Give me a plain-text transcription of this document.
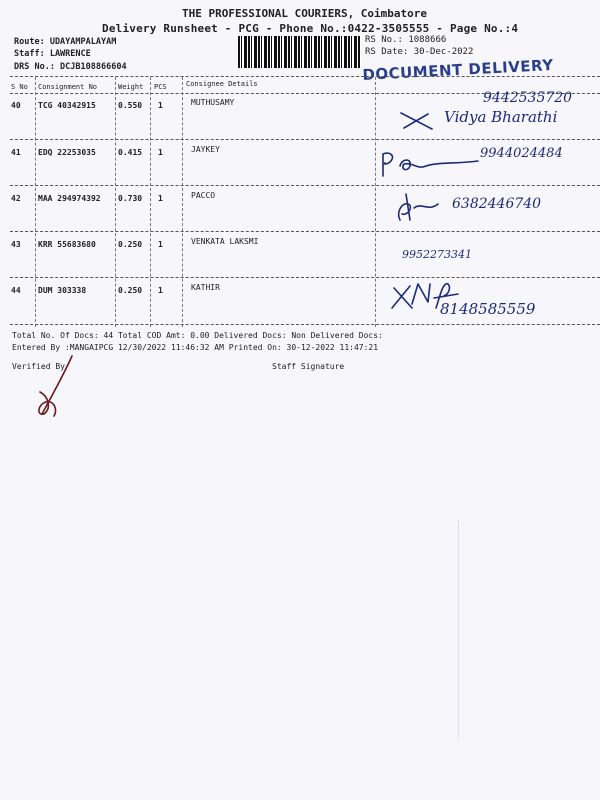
THE PROFESSIONAL COURIERS, Coimbatore
Delivery Runsheet - PCG - Phone No.:0422-3505555 - Page No.:4
Route: UDAYAMPALAYAM
Staff: LAWRENCE
DRS No.: DCJB108866604
RS No.: 1088666
RS Date: 30-Dec-2022
DOCUMENT DELIVERY
S No Consignment No	Weight PCS	Consignee Details
40 TCG 40342915	0.550 1	MUTHUSAMY	9442535720
Vidya Bharathi
41 EDQ 22253035	0.415 1	JAYKEY	9944024484
42 MAA 294974392 0.730 1	PACCO
6382446740
43 KRR 55683680	0.250 1	VENKATA LAKSMI
9952273341
44 DUM 303338	0.250 1	KATHIR
8148585559
Total No. Of Docs: 44 Total COD Amt: 0.00 Delivered Docs: Non Delivered Docs:
Entered By :MANGAIPCG 12/30/2022 11:46:32 AM Printed On: 30-12-2022 11:47:21
Verified By	Staff Signature
